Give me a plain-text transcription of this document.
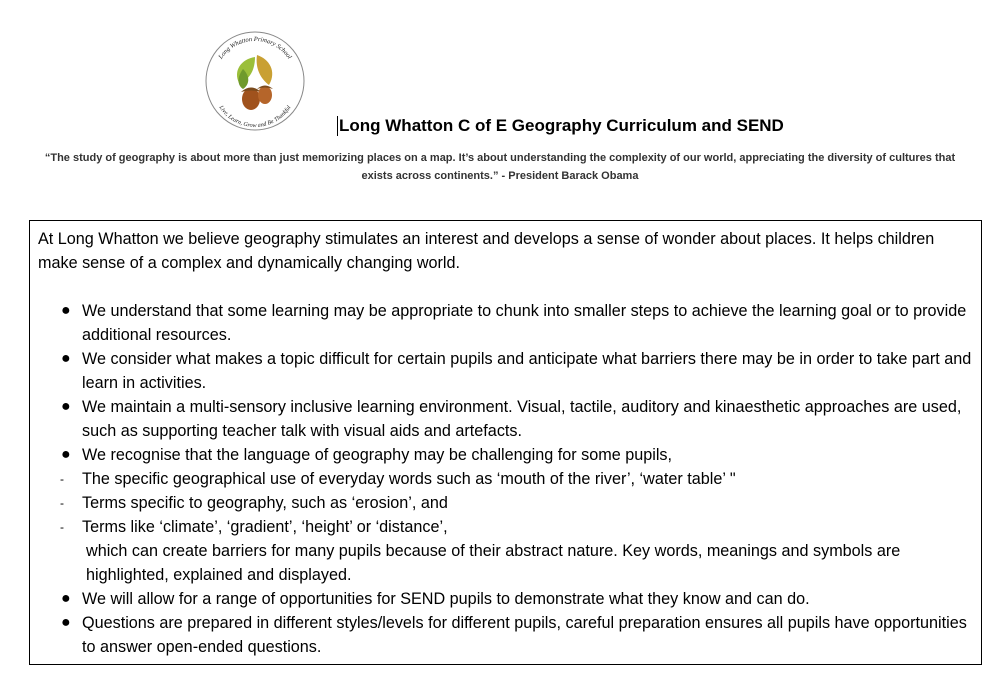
Long Whatton Primary School
Live, Learn, Grow and Be Thankful
Long Whatton C of E Geography Curriculum and SEND
“The study of geography is about more than just memorizing places on a map. It’s about understanding the complexity of our world, appreciating the diversity of cultures that exists across continents.” - President Barack Obama

At Long Whatton we believe geography stimulates an interest and develops a sense of wonder about places. It helps children make sense of a complex and dynamically changing world.

● We understand that some learning may be appropriate to chunk into smaller steps to achieve the learning goal or to provide additional resources.
● We consider what makes a topic difficult for certain pupils and anticipate what barriers there may be in order to take part and learn in activities.
● We maintain a multi-sensory inclusive learning environment. Visual, tactile, auditory and kinaesthetic approaches are used, such as supporting teacher talk with visual aids and artefacts.
● We recognise that the language of geography may be challenging for some pupils,
- The specific geographical use of everyday words such as ‘mouth of the river’, ‘water table’ "
- Terms specific to geography, such as ‘erosion’, and
- Terms like ‘climate’, ‘gradient’, ‘height’ or ‘distance’,
which can create barriers for many pupils because of their abstract nature. Key words, meanings and symbols are highlighted, explained and displayed.
● We will allow for a range of opportunities for SEND pupils to demonstrate what they know and can do.
● Questions are prepared in different styles/levels for different pupils, careful preparation ensures all pupils have opportunities to answer open-ended questions.
